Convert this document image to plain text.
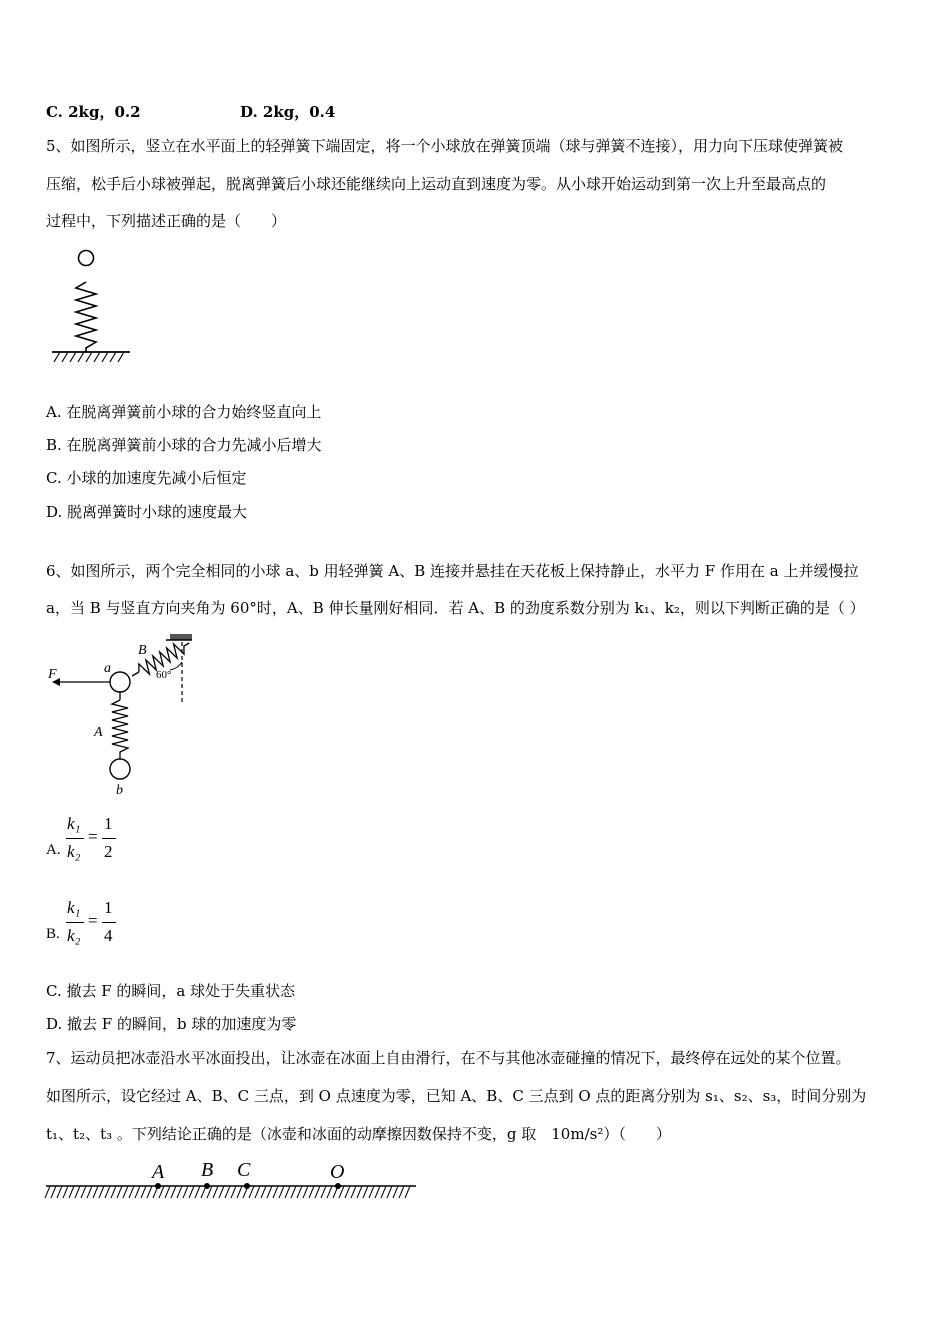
C. 2kg，0.2	D. 2kg，0.4
5、如图所示，竖立在水平面上的轻弹簧下端固定，将一个小球放在弹簧顶端（球与弹簧不连接），用力向下压球使弹簧被
压缩，松手后小球被弹起，脱离弹簧后小球还能继续向上运动直到速度为零。从小球开始运动到第一次上升至最高点的
过程中，下列描述正确的是（　　）
A. 在脱离弹簧前小球的合力始终竖直向上
B. 在脱离弹簧前小球的合力先减小后增大
C. 小球的加速度先减小后恒定
D. 脱离弹簧时小球的速度最大
6、如图所示，两个完全相同的小球 a、b 用轻弹簧 A、B 连接并悬挂在天花板上保持静止，水平力 F 作用在 a 上并缓慢拉
a，当 B 与竖直方向夹角为 60°时，A、B 伸长量刚好相同．若 A、B 的劲度系数分别为 k₁、k₂，则以下判断正确的是（ ）
F	a
B
A
b
60°
A.
k₁
k₂
=
1
2
B.
k₁
k₂
=
1
4
C. 撤去 F 的瞬间，a 球处于失重状态
D. 撤去 F 的瞬间，b 球的加速度为零
7、运动员把冰壶沿水平冰面投出，让冰壶在冰面上自由滑行，在不与其他冰壶碰撞的情况下，最终停在远处的某个位置。
如图所示，设它经过 A、B、C 三点，到 O 点速度为零，已知 A、B、C 三点到 O 点的距离分别为 s₁、s₂、s₃，时间分别为
t₁、t₂、t₃ 。下列结论正确的是（冰壶和冰面的动摩擦因数保持不变，g 取　10m/s²）（　　）
A B C	O
